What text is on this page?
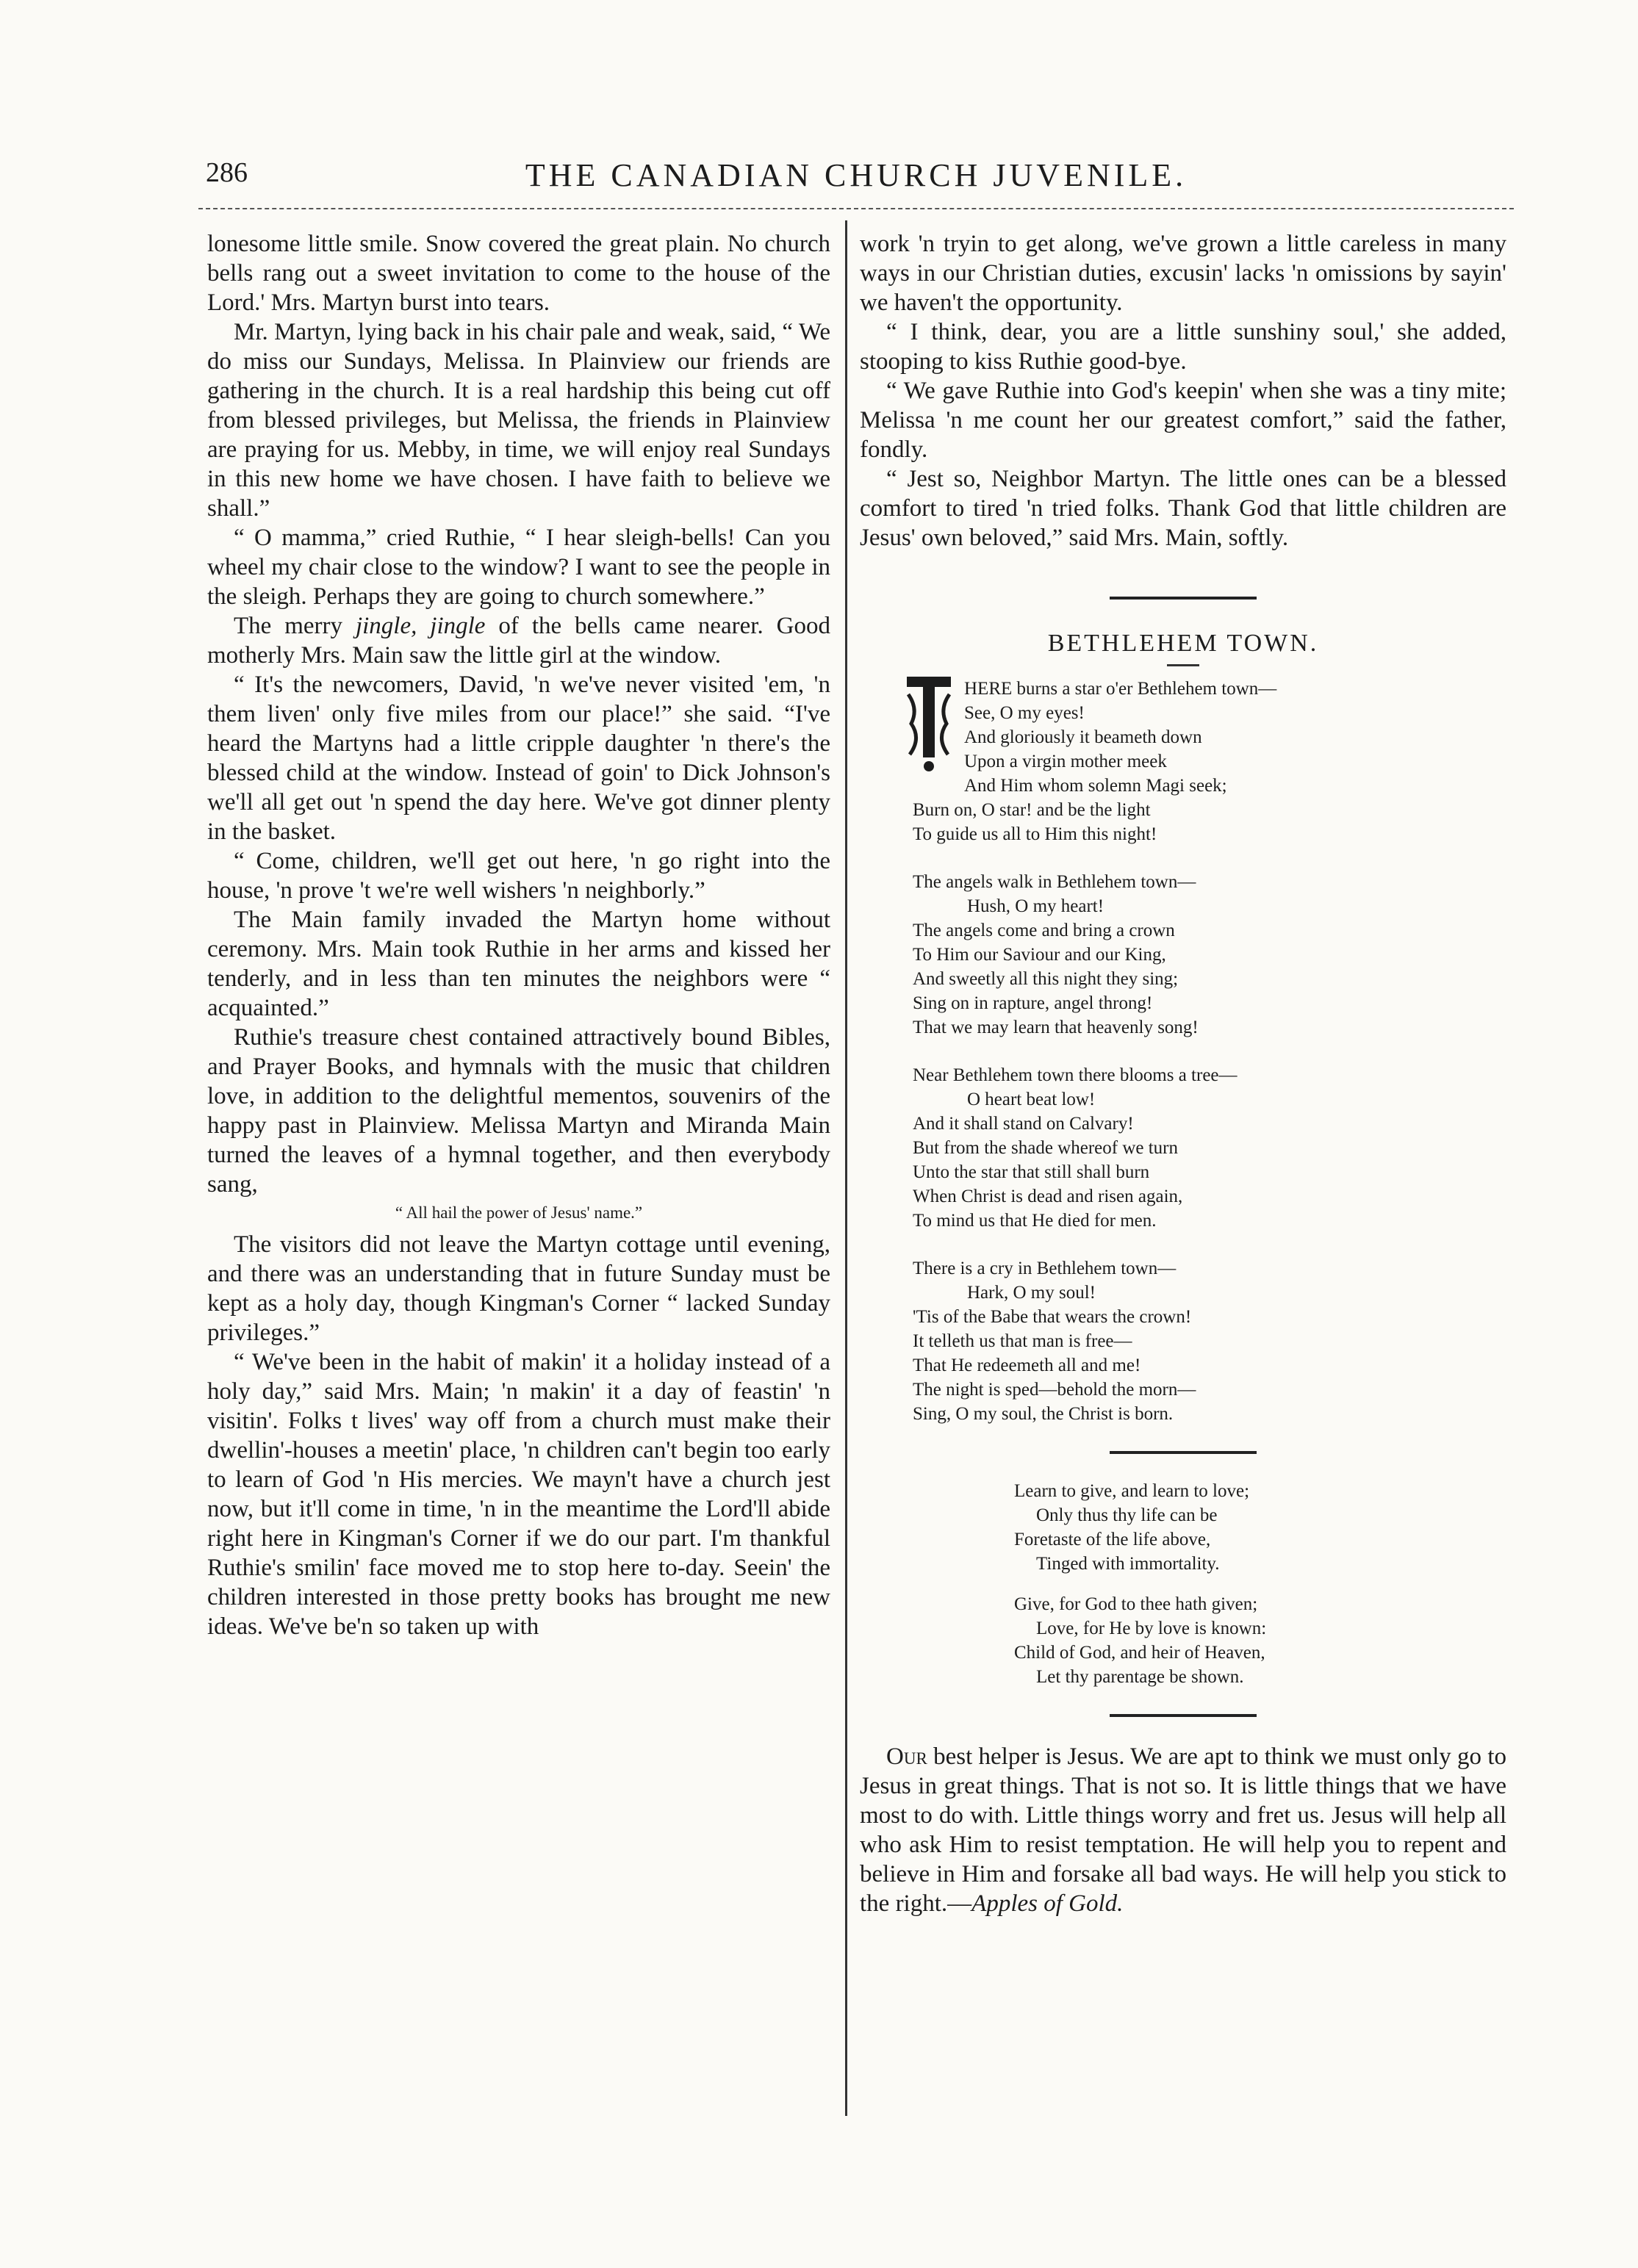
286	THE CANADIAN CHURCH JUVENILE.

lonesome little smile. Snow covered the great plain. No church bells rang out a sweet invitation to come to the house of the Lord.' Mrs. Martyn burst into tears.

Mr. Martyn, lying back in his chair pale and weak, said, “ We do miss our Sundays, Melissa. In Plainview our friends are gathering in the church. It is a real hardship this being cut off from blessed privileges, but Melissa, the friends in Plainview are praying for us. Mebby, in time, we will enjoy real Sundays in this new home we have chosen. I have faith to believe we shall.”

“ O mamma,” cried Ruthie, “ I hear sleigh-bells! Can you wheel my chair close to the window? I want to see the people in the sleigh. Perhaps they are going to church somewhere.”

The merry jingle, jingle of the bells came nearer. Good motherly Mrs. Main saw the little girl at the window.

“ It's the newcomers, David, 'n we've never visited 'em, 'n them liven' only five miles from our place!” she said. “I've heard the Martyns had a little cripple daughter 'n there's the blessed child at the window. Instead of goin' to Dick Johnson's we'll all get out 'n spend the day here. We've got dinner plenty in the basket.

“ Come, children, we'll get out here, 'n go right into the house, 'n prove 't we're well wishers 'n neighborly.”

The Main family invaded the Martyn home without ceremony. Mrs. Main took Ruthie in her arms and kissed her tenderly, and in less than ten minutes the neighbors were “ acquainted.”

Ruthie's treasure chest contained attractively bound Bibles, and Prayer Books, and hymnals with the music that children love, in addition to the delightful mementos, souvenirs of the happy past in Plainview. Melissa Martyn and Miranda Main turned the leaves of a hymnal together, and then everybody sang,

“ All hail the power of Jesus' name.”

The visitors did not leave the Martyn cottage until evening, and there was an understanding that in future Sunday must be kept as a holy day, though Kingman's Corner “ lacked Sunday privileges.”

“ We've been in the habit of makin' it a holiday instead of a holy day,” said Mrs. Main; 'n makin' it a day of feastin' 'n visitin'. Folks t lives' way off from a church must make their dwellin'-houses a meetin' place, 'n children can't begin too early to learn of God 'n His mercies. We mayn't have a church jest now, but it'll come in time, 'n in the meantime the Lord'll abide right here in Kingman's Corner if we do our part. I'm thankful Ruthie's smilin' face moved me to stop here to-day. Seein' the children interested in those pretty books has brought me new ideas. We've be'n so taken up with

work 'n tryin to get along, we've grown a little careless in many ways in our Christian duties, excusin' lacks 'n omissions by sayin' we haven't the opportunity.

“ I think, dear, you are a little sunshiny soul,' she added, stooping to kiss Ruthie good-bye.

“ We gave Ruthie into God's keepin' when she was a tiny mite; Melissa 'n me count her our greatest comfort,” said the father, fondly.

“ Jest so, Neighbor Martyn. The little ones can be a blessed comfort to tired 'n tried folks. Thank God that little children are Jesus' own beloved,” said Mrs. Main, softly.

BETHLEHEM TOWN.
HERE burns a star o'er Bethlehem town—
See, O my eyes!
And gloriously it beameth down
Upon a virgin mother meek
And Him whom solemn Magi seek;
Burn on, O star! and be the light
To guide us all to Him this night!
The angels walk in Bethlehem town—
Hush, O my heart!
The angels come and bring a crown
To Him our Saviour and our King,
And sweetly all this night they sing;
Sing on in rapture, angel throng!
That we may learn that heavenly song!
Near Bethlehem town there blooms a tree—
O heart beat low!
And it shall stand on Calvary!
But from the shade whereof we turn
Unto the star that still shall burn
When Christ is dead and risen again,
To mind us that He died for men.
There is a cry in Bethlehem town—
Hark, O my soul!
'Tis of the Babe that wears the crown!
It telleth us that man is free—
That He redeemeth all and me!
The night is sped—behold the morn—
Sing, O my soul, the Christ is born.
Learn to give, and learn to love;
Only thus thy life can be
Foretaste of the life above,
Tinged with immortality.
Give, for God to thee hath given;
Love, for He by love is known:
Child of God, and heir of Heaven,
Let thy parentage be shown.

Our best helper is Jesus. We are apt to think we must only go to Jesus in great things. That is not so. It is little things that we have most to do with. Little things worry and fret us. Jesus will help all who ask Him to resist temptation. He will help you to repent and believe in Him and forsake all bad ways. He will help you stick to the right.—Apples of Gold.
